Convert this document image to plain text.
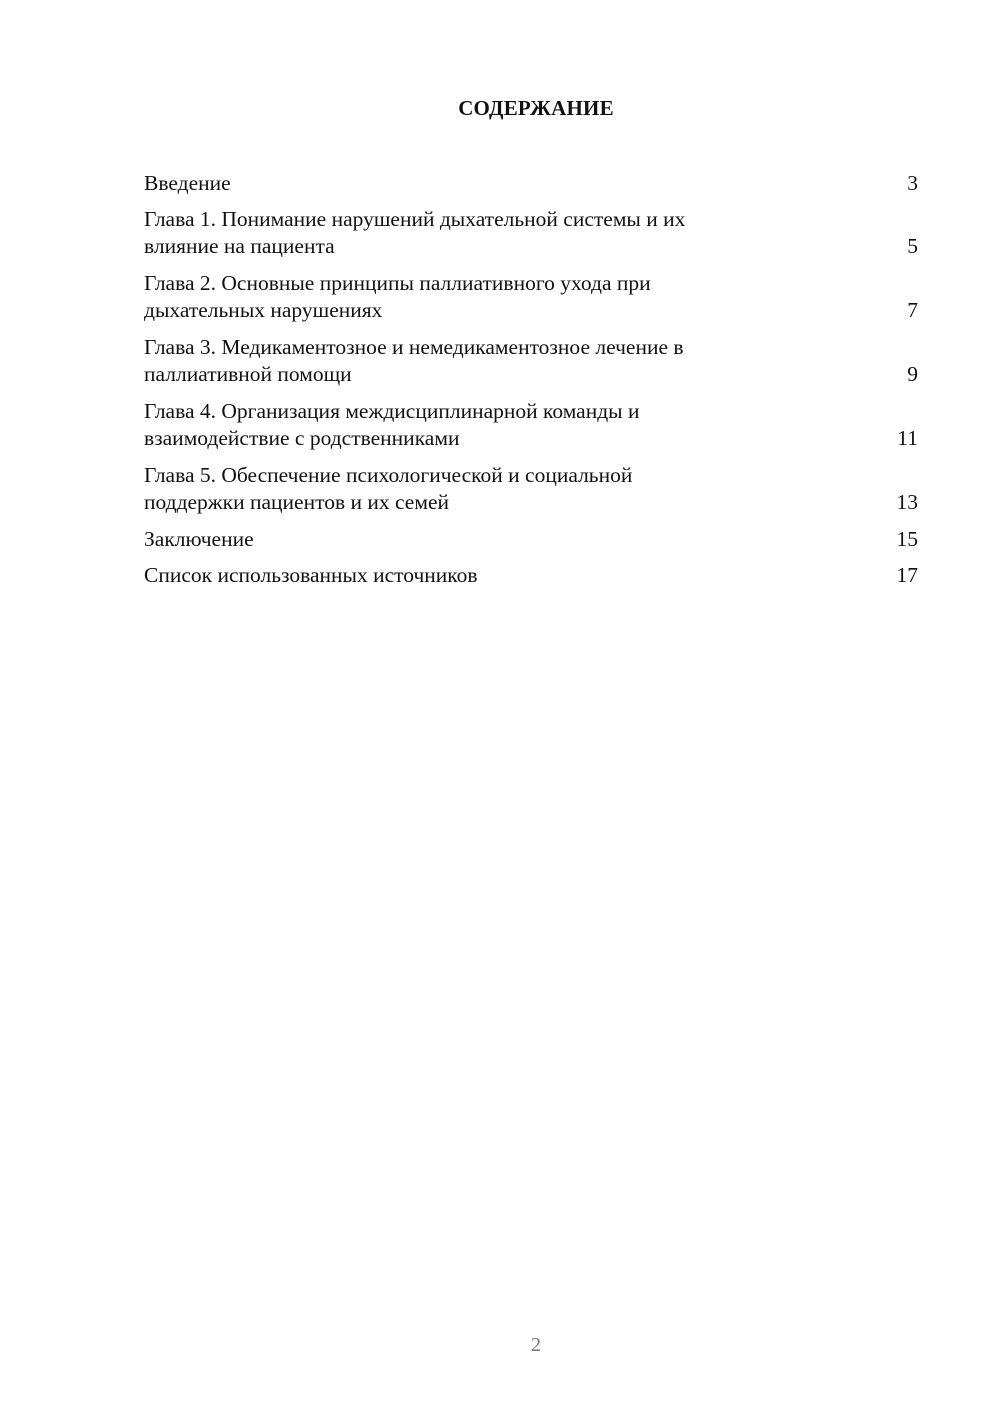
СОДЕРЖАНИЕ
Введение	3
Глава 1. Понимание нарушений дыхательной системы и их
влияние на пациента	5
Глава 2. Основные принципы паллиативного ухода при
дыхательных нарушениях	7
Глава 3. Медикаментозное и немедикаментозное лечение в
паллиативной помощи	9
Глава 4. Организация междисциплинарной команды и
взаимодействие с родственниками	11
Глава 5. Обеспечение психологической и социальной
поддержки пациентов и их семей	13
Заключение	15
Список использованных источников	17
2
